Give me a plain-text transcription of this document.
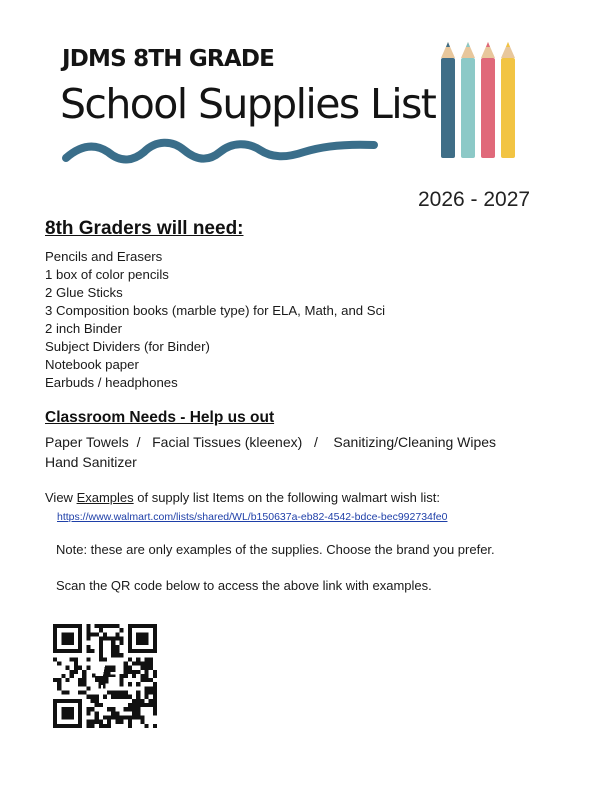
JDMS 8TH GRADE
School Supplies List
2026 - 2027
8th Graders will need:
Pencils and Erasers
1 box of color pencils
2 Glue Sticks
3 Composition books (marble type) for ELA, Math, and Sci
2 inch Binder
Subject Dividers (for Binder)
Notebook paper
Earbuds / headphones
Classroom Needs - Help us out
Paper Towels  /   Facial Tissues (kleenex)   /    Sanitizing/Cleaning Wipes
Hand Sanitizer
View Examples of supply list Items on the following walmart wish list:
https://www.walmart.com/lists/shared/WL/b150637a-eb82-4542-bdce-bec992734fe0
Note: these are only examples of the supplies. Choose the brand you prefer.
Scan the QR code below to access the above link with examples.
